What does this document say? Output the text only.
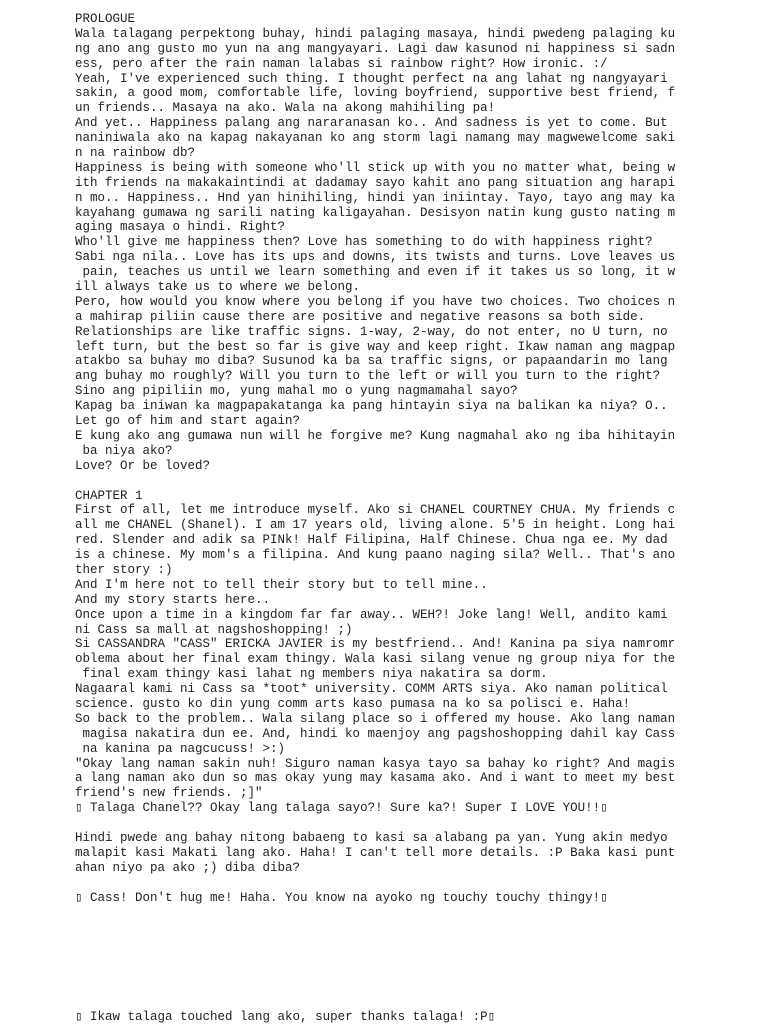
PROLOGUE
Wala talagang perpektong buhay, hindi palaging masaya, hindi pwedeng palaging ku
ng ano ang gusto mo yun na ang mangyayari. Lagi daw kasunod ni happiness si sadn
ess, pero after the rain naman lalabas si rainbow right? How ironic. :/
Yeah, I've experienced such thing. I thought perfect na ang lahat ng nangyayari
sakin, a good mom, comfortable life, loving boyfriend, supportive best friend, f
un friends.. Masaya na ako. Wala na akong mahihiling pa!
And yet.. Happiness palang ang nararanasan ko.. And sadness is yet to come. But
naniniwala ako na kapag nakayanan ko ang storm lagi namang may magwewelcome saki
n na rainbow db?
Happiness is being with someone who'll stick up with you no matter what, being w
ith friends na makakaintindi at dadamay sayo kahit ano pang situation ang harapi
n mo.. Happiness.. Hnd yan hinihiling, hindi yan iniintay. Tayo, tayo ang may ka
kayahang gumawa ng sarili nating kaligayahan. Desisyon natin kung gusto nating m
aging masaya o hindi. Right?
Who'll give me happiness then? Love has something to do with happiness right?
Sabi nga nila.. Love has its ups and downs, its twists and turns. Love leaves us
pain, teaches us until we learn something and even if it takes us so long, it w
ill always take us to where we belong.
Pero, how would you know where you belong if you have two choices. Two choices n
a mahirap piliin cause there are positive and negative reasons sa both side.
Relationships are like traffic signs. 1-way, 2-way, do not enter, no U turn, no
left turn, but the best so far is give way and keep right. Ikaw naman ang magpap
atakbo sa buhay mo diba? Susunod ka ba sa traffic signs, or papaandarin mo lang
ang buhay mo roughly? Will you turn to the left or will you turn to the right?
Sino ang pipiliin mo, yung mahal mo o yung nagmamahal sayo?
Kapag ba iniwan ka magpapakatanga ka pang hintayin siya na balikan ka niya? O..
Let go of him and start again?
E kung ako ang gumawa nun will he forgive me? Kung nagmahal ako ng iba hihitayin
ba niya ako?
Love? Or be loved?
CHAPTER 1
First of all, let me introduce myself. Ako si CHANEL COURTNEY CHUA. My friends c
all me CHANEL (Shanel). I am 17 years old, living alone. 5'5 in height. Long hai
red. Slender and adik sa PINk! Half Filipina, Half Chinese. Chua nga ee. My dad
is a chinese. My mom's a filipina. And kung paano naging sila? Well.. That's ano
ther story :)
And I'm here not to tell their story but to tell mine..
And my story starts here..
Once upon a time in a kingdom far far away.. WEH?! Joke lang! Well, andito kami
ni Cass sa mall at nagshoshopping! ;)
Si CASSANDRA "CASS" ERICKA JAVIER is my bestfriend.. And! Kanina pa siya namromr
oblema about her final exam thingy. Wala kasi silang venue ng group niya for the
final exam thingy kasi lahat ng members niya nakatira sa dorm.
Nagaaral kami ni Cass sa *toot* university. COMM ARTS siya. Ako naman political
science. gusto ko din yung comm arts kaso pumasa na ko sa polisci e. Haha!
So back to the problem.. Wala silang place so i offered my house. Ako lang naman
magisa nakatira dun ee. And, hindi ko maenjoy ang pagshoshopping dahil kay Cass
na kanina pa nagcucuss! >:)
"Okay lang naman sakin nuh! Siguro naman kasya tayo sa bahay ko right? And magis
a lang naman ako dun so mas okay yung may kasama ako. And i want to meet my best
friend's new friends. ;]"
▯ Talaga Chanel?? Okay lang talaga sayo?! Sure ka?! Super I LOVE YOU!!▯
Hindi pwede ang bahay nitong babaeng to kasi sa alabang pa yan. Yung akin medyo
malapit kasi Makati lang ako. Haha! I can't tell more details. :P Baka kasi punt
ahan niyo pa ako ;) diba diba?
▯ Cass! Don't hug me! Haha. You know na ayoko ng touchy touchy thingy!▯
▯ Ikaw talaga touched lang ako, super thanks talaga! :P▯
